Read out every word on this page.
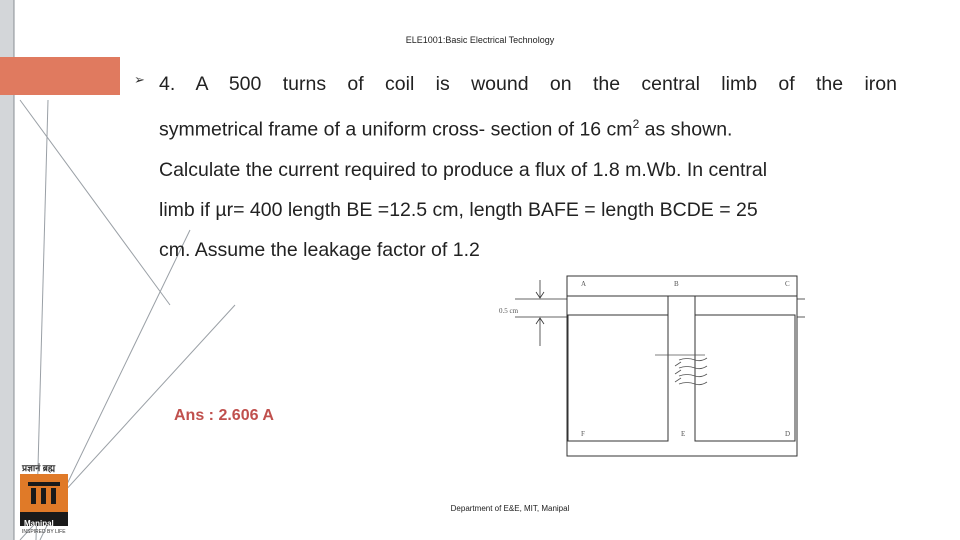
ELE1001:Basic Electrical Technology
➢ 4. A 500 turns of coil is wound on the central limb of the iron
symmetrical frame of a uniform cross- section of 16 $cm^2$ as shown.
Calculate the current required to produce a flux of 1.8 m.Wb. In central
limb if µr= 400 length BE =12.5 cm, length BAFE = length BCDE = 25
cm. Assume the leakage factor of 1.2
0.5 cm
A	B	C
D
E
F
Ans : 2.606 A
Department of E&E, MIT, Manipal
प्रज्ञानं ब्रह्म
Manipal
INSPIRED BY LIFE
